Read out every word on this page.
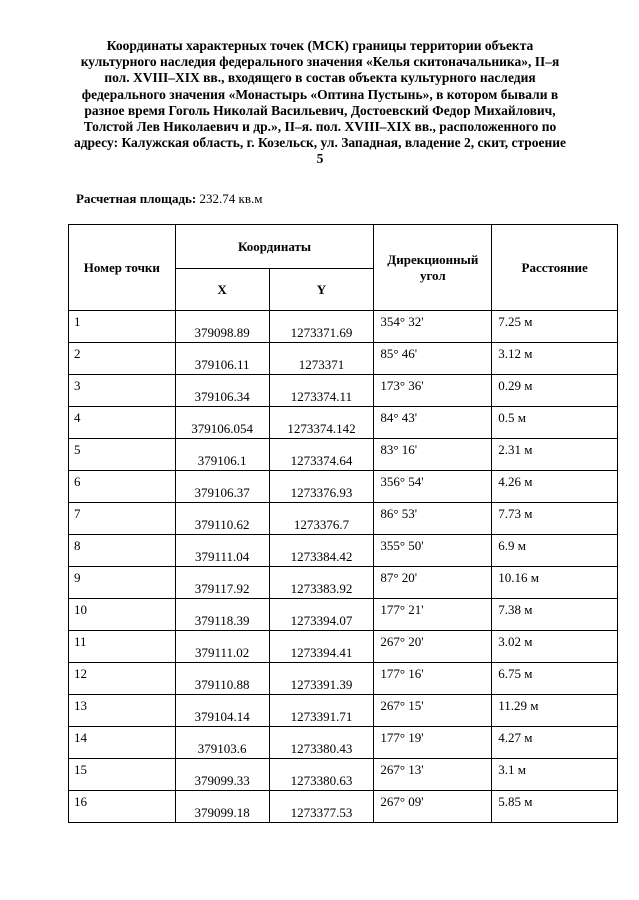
Координаты характерных точек (МСК) границы территории объекта культурного наследия федерального значения «Келья скитоначальника», II–я пол. XVIII–XIX вв., входящего в состав объекта культурного наследия федерального значения «Монастырь «Оптина Пустынь», в котором бывали в разное время Гоголь Николай Васильевич, Достоевский Федор Михайлович, Толстой Лев Николаевич и др.», II–я. пол. XVIII–XIX вв., расположенного по адресу: Калужская область, г. Козельск, ул. Западная, владение 2, скит, строение 5
Расчетная площадь: 232.74 кв.м
Номер точки	Координаты		Дирекционный угол	Расстояние
	X	Y		
1	379098.89	1273371.69	354° 32'	7.25 м
2	379106.11	1273371	85° 46'	3.12 м
3	379106.34	1273374.11	173° 36'	0.29 м
4	379106.054	1273374.142	84° 43'	0.5 м
5	379106.1	1273374.64	83° 16'	2.31 м
6	379106.37	1273376.93	356° 54'	4.26 м
7	379110.62	1273376.7	86° 53'	7.73 м
8	379111.04	1273384.42	355° 50'	6.9 м
9	379117.92	1273383.92	87° 20'	10.16 м
10	379118.39	1273394.07	177° 21'	7.38 м
11	379111.02	1273394.41	267° 20'	3.02 м
12	379110.88	1273391.39	177° 16'	6.75 м
13	379104.14	1273391.71	267° 15'	11.29 м
14	379103.6	1273380.43	177° 19'	4.27 м
15	379099.33	1273380.63	267° 13'	3.1 м
16	379099.18	1273377.53	267° 09'	5.85 м
